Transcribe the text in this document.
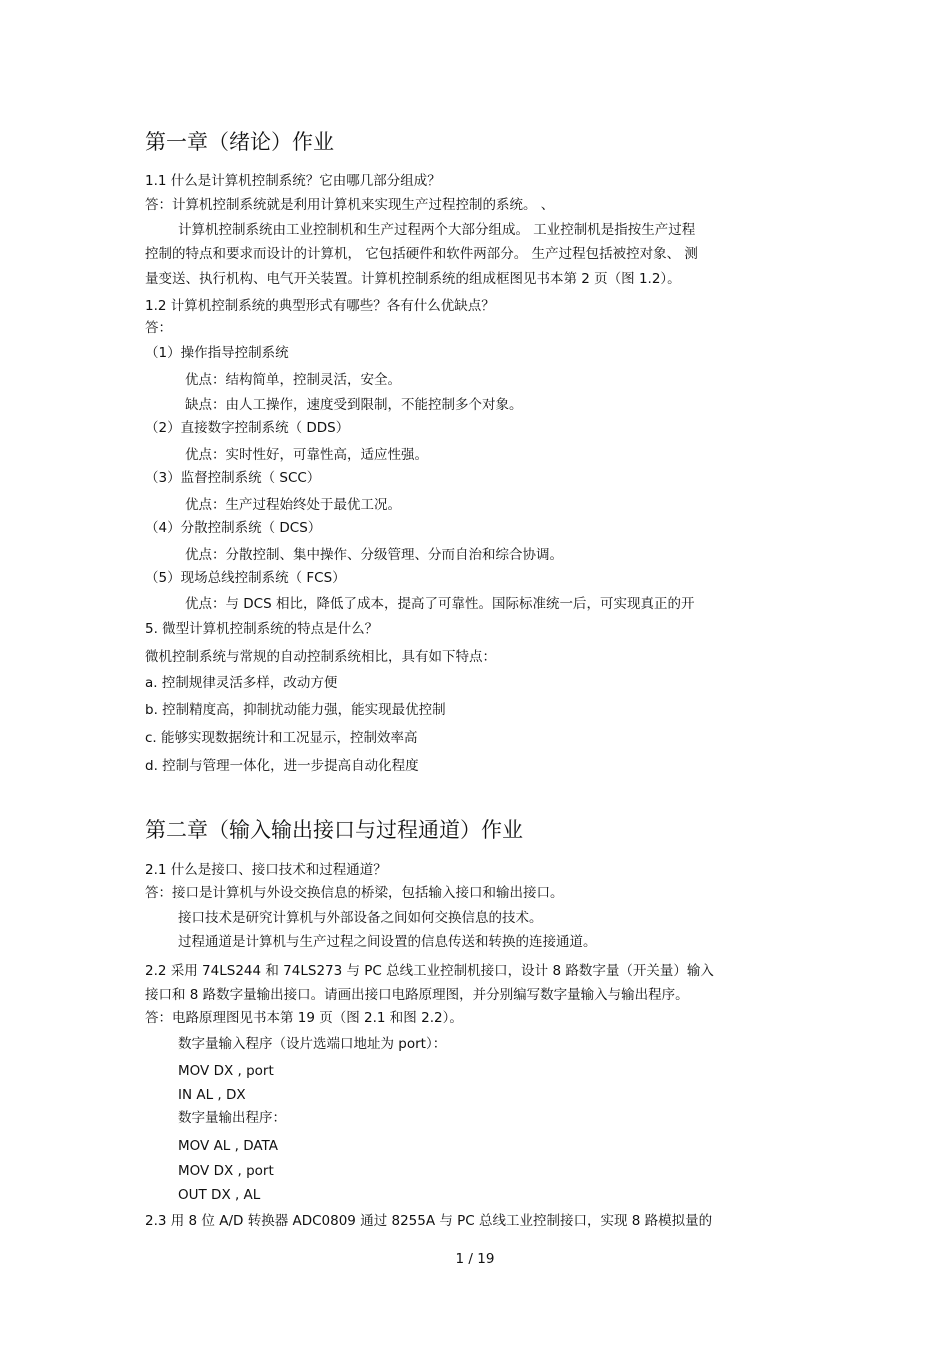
第一章（绪论）作业
1.1 什么是计算机控制系统？它由哪几部分组成？
答：计算机控制系统就是利用计算机来实现生产过程控制的系统。 、
计算机控制系统由工业控制机和生产过程两个大部分组成。 工业控制机是指按生产过程
控制的特点和要求而设计的计算机， 它包括硬件和软件两部分。 生产过程包括被控对象、 测
量变送、执行机构、电气开关装置。计算机控制系统的组成框图见书本第 2 页（图 1.2）。
1.2 计算机控制系统的典型形式有哪些？各有什么优缺点？
答：
（1）操作指导控制系统
优点：结构简单，控制灵活，安全。
缺点：由人工操作，速度受到限制，不能控制多个对象。
（2）直接数字控制系统（ DDS）
优点：实时性好，可靠性高，适应性强。
（3）监督控制系统（ SCC）
优点：生产过程始终处于最优工况。
（4）分散控制系统（ DCS）
优点：分散控制、集中操作、分级管理、分而自治和综合协调。
（5）现场总线控制系统（ FCS）
优点：与 DCS 相比，降低了成本，提高了可靠性。国际标准统一后，可实现真正的开
5. 微型计算机控制系统的特点是什么？
微机控制系统与常规的自动控制系统相比，具有如下特点：
a. 控制规律灵活多样，改动方便
b. 控制精度高，抑制扰动能力强，能实现最优控制
c. 能够实现数据统计和工况显示，控制效率高
d. 控制与管理一体化，进一步提高自动化程度
第二章（输入输出接口与过程通道）作业
2.1 什么是接口、接口技术和过程通道？
答：接口是计算机与外设交换信息的桥梁，包括输入接口和输出接口。
接口技术是研究计算机与外部设备之间如何交换信息的技术。
过程通道是计算机与生产过程之间设置的信息传送和转换的连接通道。
2.2 采用 74LS244 和 74LS273 与 PC 总线工业控制机接口，设计 8 路数字量（开关量）输入
接口和 8 路数字量输出接口。请画出接口电路原理图，并分别编写数字量输入与输出程序。
答：电路原理图见书本第 19 页（图 2.1 和图 2.2）。
数字量输入程序（设片选端口地址为 port）：
MOV DX , port
IN AL , DX
数字量输出程序：
MOV AL , DATA
MOV DX , port
OUT DX , AL
2.3 用 8 位 A/D 转换器 ADC0809 通过 8255A 与 PC 总线工业控制接口，实现 8 路模拟量的
1 / 19
